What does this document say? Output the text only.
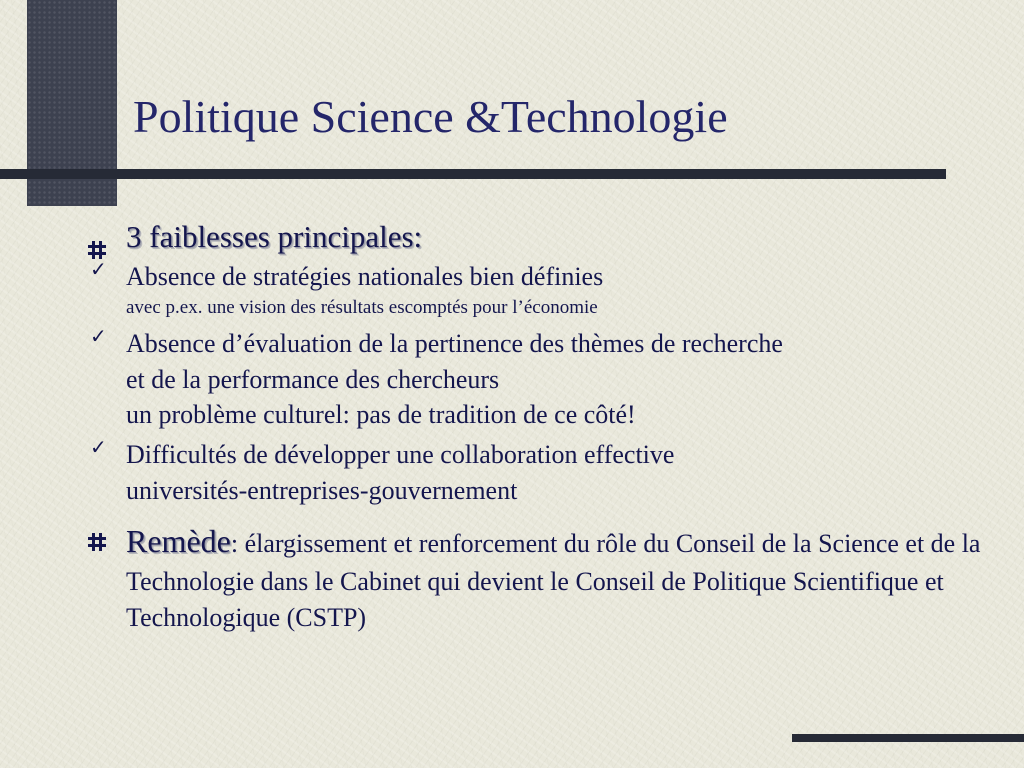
Politique Science &Technologie
3 faiblesses principales:
✓ Absence de stratégies nationales bien définies
avec p.ex. une vision des résultats escomptés pour l’économie
✓ Absence d’évaluation de la pertinence des thèmes de recherche
et de la performance des chercheurs
un problème culturel: pas de tradition de ce côté!
✓ Difficultés de développer une collaboration effective
universités-entreprises-gouvernement
Remède: élargissement et renforcement du rôle du Conseil de la Science et de la Technologie dans le Cabinet qui devient le Conseil de Politique Scientifique et Technologique (CSTP)
